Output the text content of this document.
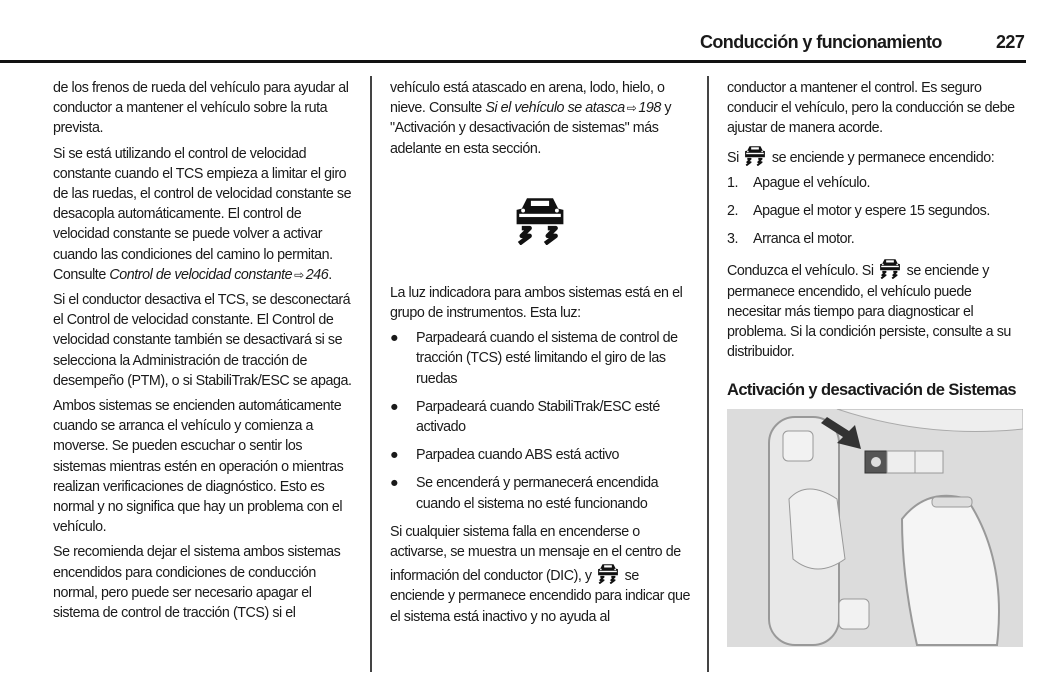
Conducción y funcionamiento	227

de los frenos de rueda del vehículo para ayudar al conductor a mantener el vehículo sobre la ruta prevista.

Si se está utilizando el control de velocidad constante cuando el TCS empieza a limitar el giro de las ruedas, el control de velocidad constante se desacopla automáticamente. El control de velocidad constante se puede volver a activar cuando las condiciones del camino lo permitan. Consulte Control de velocidad constante ⇨ 246.

Si el conductor desactiva el TCS, se desconectará el Control de velocidad constante. El Control de velocidad constante también se desactivará si se selecciona la Administración de tracción de desempeño (PTM), o si StabiliTrak/ESC se apaga.

Ambos sistemas se encienden automáticamente cuando se arranca el vehículo y comienza a moverse. Se pueden escuchar o sentir los sistemas mientras estén en operación o mientras realizan verificaciones de diagnóstico. Esto es normal y no significa que hay un problema con el vehículo.

Se recomienda dejar el sistema ambos sistemas encendidos para condiciones de conducción normal, pero puede ser necesario apagar el sistema de control de tracción (TCS) si el

vehículo está atascado en arena, lodo, hielo, o nieve. Consulte Si el vehículo se atasca ⇨ 198 y "Activación y desactivación de sistemas" más adelante en esta sección.

La luz indicadora para ambos sistemas está en el grupo de instrumentos. Esta luz:

● Parpadeará cuando el sistema de control de tracción (TCS) esté limitando el giro de las ruedas
● Parpadeará cuando StabiliTrak/ESC esté activado
● Parpadea cuando ABS está activo
● Se encenderá y permanecerá encendida cuando el sistema no esté funcionando

Si cualquier sistema falla en encenderse o activarse, se muestra un mensaje en el centro de información del conductor (DIC), y  se enciende y permanece encendido para indicar que el sistema está inactivo y no ayuda al

conductor a mantener el control. Es seguro conducir el vehículo, pero la conducción se debe ajustar de manera acorde.

Si  se enciende y permanece encendido:

1. Apague el vehículo.
2. Apague el motor y espere 15 segundos.
3. Arranca el motor.

Conduzca el vehículo. Si  se enciende y permanece encendido, el vehículo puede necesitar más tiempo para diagnosticar el problema. Si la condición persiste, consulte a su distribuidor.

Activación y desactivación de Sistemas
